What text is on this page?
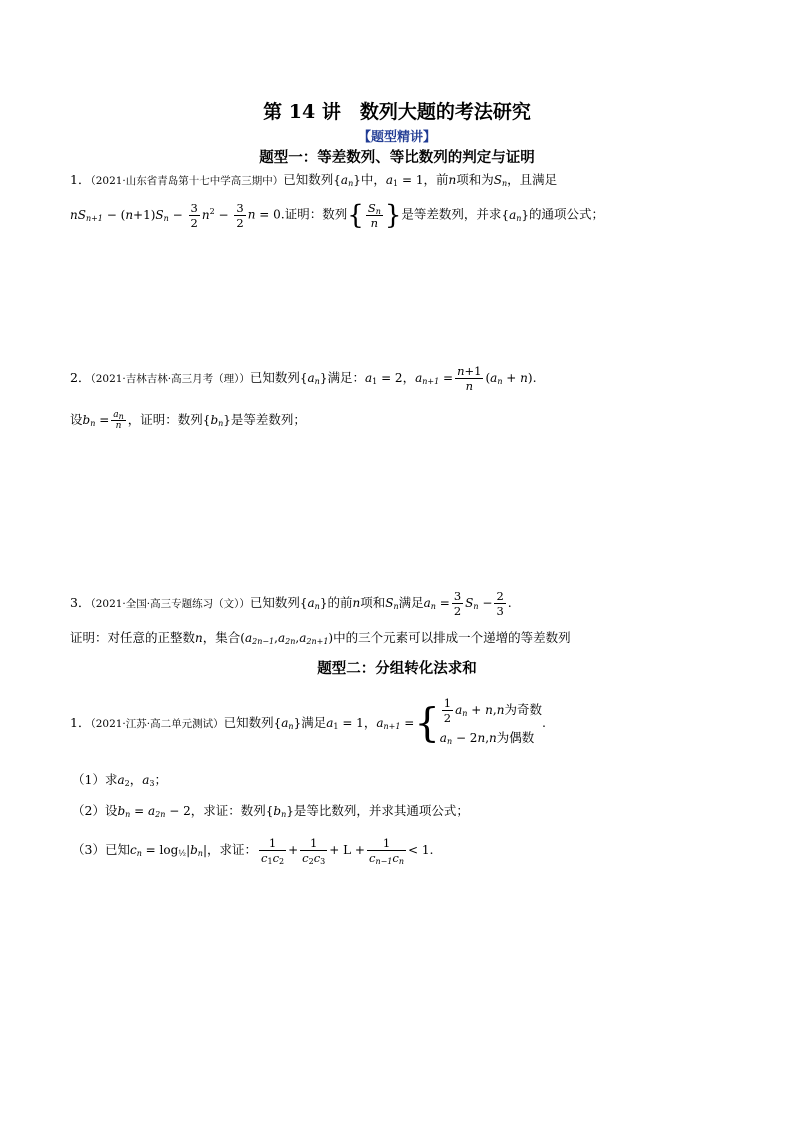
第 14 讲　数列大题的考法研究
【题型精讲】
题型一：等差数列、等比数列的判定与证明
1．（2021·山东省青岛第十七中学高三期中）已知数列$\{a_n\}$中，$a_1 = 1$，前n项和为$S_n$，且满足
$nS_{n+1} - (n+1)S_n - \frac{3}{2} n^2 - \frac{3}{2}$ n = 0.证明：数列{ $\frac{S_n}{n}$ }是等差数列，并求$\{a_n\}$的通项公式；
2．（2021·吉林吉林·高三月考（理））已知数列$\{a_n\}$满足：$a_1 = 2$，$a_{n+1} = \frac{n+1}{n} (a_n + n)$.
设$b_n = \frac{a_n}{n}$ ，证明：数列$\{b_n\}$是等差数列；
3．（2021·全国·高三专题练习（文））已知数列$\{a_n\}$的前n项和$S_n$满足$a_n = \frac{3}{2} S_n - \frac{2}{3}$ .
证明：对任意的正整数n，集合$(a_{2n-1},a_{2n},a_{2n+1})$中的三个元素可以排成一个递增的等差数列
题型二：分组转化法求和
1．（2021·江苏·高二单元测试）已知数列$\{a_n\}$满足$a_1 = 1$，$a_{n+1}$ ={ $\frac{1}{2} a_n + n,n$为奇数
$a_n - 2n,n$为偶数
.
（1）求$a_2$，$a_3$；
（2）设$b_n = a_{2n} - 2$，求证：数列$\{b_n\}$是等比数列，并求其通项公式；
（3）已知$c_n = \log_{\frac{1}{2}}|b_n|$，求证： $\frac{1}{c_1c_2} + \frac{1}{c_2c_3} + L + \frac{1}{c_{n-1}c_n} < 1$.
